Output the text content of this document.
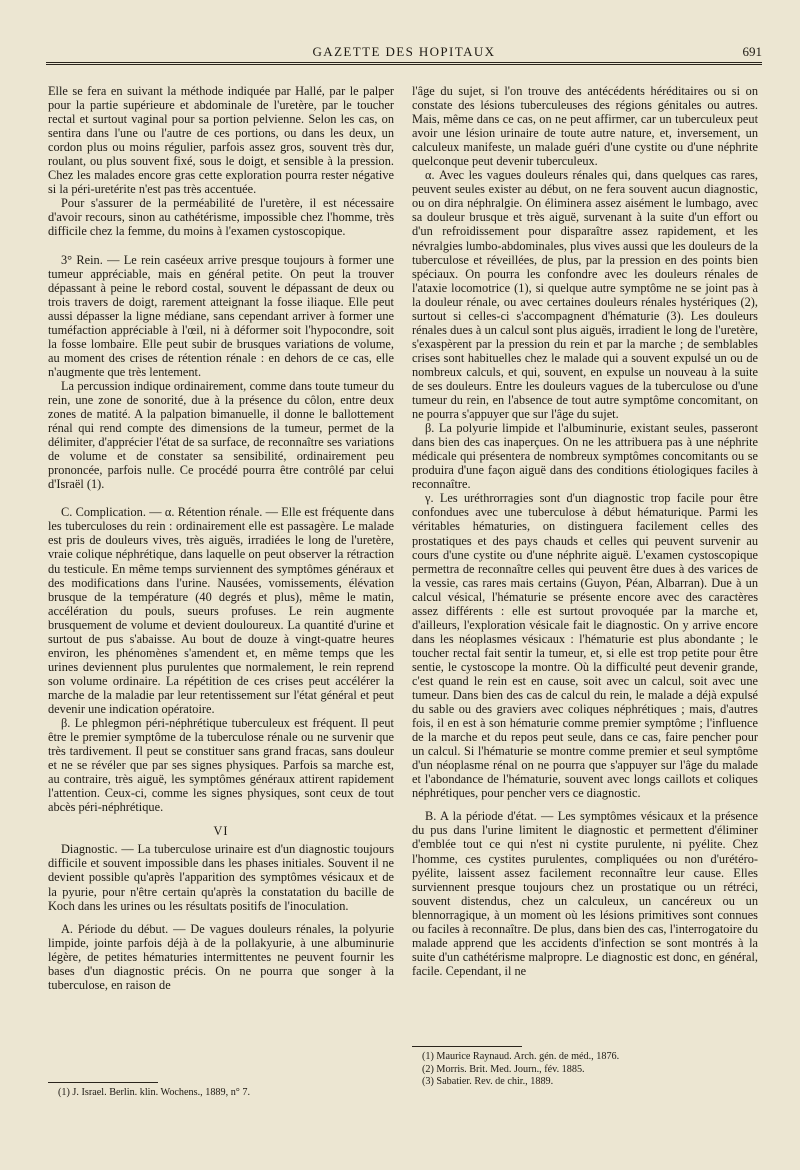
GAZETTE DES HOPITAUX	691

Elle se fera en suivant la méthode indiquée par Hallé, par le palper pour la partie supérieure et abdominale de l'uretère, par le toucher rectal et surtout vaginal pour sa portion pelvienne. Selon les cas, on sentira dans l'une ou l'autre de ces portions, ou dans les deux, un cordon plus ou moins régulier, parfois assez gros, souvent très dur, roulant, ou plus souvent fixé, sous le doigt, et sensible à la pression. Chez les malades encore gras cette exploration pourra rester négative si la péri-uretérite n'est pas très accentuée.

Pour s'assurer de la perméabilité de l'uretère, il est nécessaire d'avoir recours, sinon au cathétérisme, impossible chez l'homme, très difficile chez la femme, du moins à l'examen cystoscopique.

3° Rein. — Le rein caséeux arrive presque toujours à former une tumeur appréciable, mais en général petite. On peut la trouver dépassant à peine le rebord costal, souvent le dépassant de deux ou trois travers de doigt, rarement atteignant la fosse iliaque. Elle peut aussi dépasser la ligne médiane, sans cependant arriver à former une tuméfaction appréciable à l'œil, ni à déformer soit l'hypocondre, soit la fosse lombaire. Elle peut subir de brusques variations de volume, au moment des crises de rétention rénale : en dehors de ce cas, elle n'augmente que très lentement.

La percussion indique ordinairement, comme dans toute tumeur du rein, une zone de sonorité, due à la présence du côlon, entre deux zones de matité. A la palpation bimanuelle, il donne le ballottement rénal qui rend compte des dimensions de la tumeur, permet de la délimiter, d'apprécier l'état de sa surface, de reconnaître ses variations de volume et de constater sa sensibilité, ordinairement peu prononcée, parfois nulle. Ce procédé pourra être contrôlé par celui d'Israël (1).

C. Complication. — α. Rétention rénale. — Elle est fréquente dans les tuberculoses du rein : ordinairement elle est passagère. Le malade est pris de douleurs vives, très aiguës, irradiées le long de l'uretère, vraie colique néphrétique, dans laquelle on peut observer la rétraction du testicule. En même temps surviennent des symptômes généraux et des modifications dans l'urine. Nausées, vomissements, élévation brusque de la température (40 degrés et plus), même le matin, accélération du pouls, sueurs profuses. Le rein augmente brusquement de volume et devient douloureux. La quantité d'urine et surtout de pus s'abaisse. Au bout de douze à vingt-quatre heures environ, les phénomènes s'amendent et, en même temps que les urines deviennent plus purulentes que normalement, le rein reprend son volume ordinaire. La répétition de ces crises peut accélérer la marche de la maladie par leur retentissement sur l'état général et peut devenir une indication opératoire.

β. Le phlegmon péri-néphrétique tuberculeux est fréquent. Il peut être le premier symptôme de la tuberculose rénale ou ne survenir que très tardivement. Il peut se constituer sans grand fracas, sans douleur et ne se révéler que par ses signes physiques. Parfois sa marche est, au contraire, très aiguë, les symptômes généraux attirent rapidement l'attention. Ceux-ci, comme les signes physiques, sont ceux de tout abcès péri-néphrétique.

VI

Diagnostic. — La tuberculose urinaire est d'un diagnostic toujours difficile et souvent impossible dans les phases initiales. Souvent il ne devient possible qu'après l'apparition des symptômes vésicaux et de la pyurie, pour n'être certain qu'après la constatation du bacille de Koch dans les urines ou les résultats positifs de l'inoculation.

A. Période du début. — De vagues douleurs rénales, la polyurie limpide, jointe parfois déjà à de la pollakyurie, à une albuminurie légère, de petites hématuries intermittentes ne peuvent fournir les bases d'un diagnostic précis. On ne pourra que songer à la tuberculose, en raison de

(1) J. Israel. Berlin. klin. Wochens., 1889, n° 7.

l'âge du sujet, si l'on trouve des antécédents héréditaires ou si on constate des lésions tuberculeuses des régions génitales ou autres. Mais, même dans ce cas, on ne peut affirmer, car un tuberculeux peut avoir une lésion urinaire de toute autre nature, et, inversement, un calculeux manifeste, un malade guéri d'une cystite ou d'une néphrite quelconque peut devenir tuberculeux.

α. Avec les vagues douleurs rénales qui, dans quelques cas rares, peuvent seules exister au début, on ne fera souvent aucun diagnostic, ou on dira néphralgie. On éliminera assez aisément le lumbago, avec sa douleur brusque et très aiguë, survenant à la suite d'un effort ou d'un refroidissement pour disparaître assez rapidement, et les névralgies lumbo-abdominales, plus vives aussi que les douleurs de la tuberculose et réveillées, de plus, par la pression en des points bien spéciaux. On pourra les confondre avec les douleurs rénales de l'ataxie locomotrice (1), si quelque autre symptôme ne se joint pas à la douleur rénale, ou avec certaines douleurs rénales hystériques (2), surtout si celles-ci s'accompagnent d'hématurie (3). Les douleurs rénales dues à un calcul sont plus aiguës, irradient le long de l'uretère, s'exaspèrent par la pression du rein et par la marche ; de semblables crises sont habituelles chez le malade qui a souvent expulsé un ou de nombreux calculs, et qui, souvent, en expulse un nouveau à la suite de ses douleurs. Entre les douleurs vagues de la tuberculose ou d'une tumeur du rein, en l'absence de tout autre symptôme concomitant, on ne pourra s'appuyer que sur l'âge du sujet.

β. La polyurie limpide et l'albuminurie, existant seules, passeront dans bien des cas inaperçues. On ne les attribuera pas à une néphrite médicale qui présentera de nombreux symptômes concomitants ou se produira d'une façon aiguë dans des conditions étiologiques faciles à reconnaître.

γ. Les uréthrorragies sont d'un diagnostic trop facile pour être confondues avec une tuberculose à début hématurique. Parmi les véritables hématuries, on distinguera facilement celles des prostatiques et des pays chauds et celles qui peuvent survenir au cours d'une cystite ou d'une néphrite aiguë. L'examen cystoscopique permettra de reconnaître celles qui peuvent être dues à des varices de la vessie, cas rares mais certains (Guyon, Péan, Albarran). Due à un calcul vésical, l'hématurie se présente encore avec des caractères assez différents : elle est surtout provoquée par la marche et, d'ailleurs, l'exploration vésicale fait le diagnostic. On y arrive encore dans les néoplasmes vésicaux : l'hématurie est plus abondante ; le toucher rectal fait sentir la tumeur, et, si elle est trop petite pour être sentie, le cystoscope la montre. Où la difficulté peut devenir grande, c'est quand le rein est en cause, soit avec un calcul, soit avec une tumeur. Dans bien des cas de calcul du rein, le malade a déjà expulsé du sable ou des graviers avec coliques néphrétiques ; mais, d'autres fois, il en est à son hématurie comme premier symptôme ; l'influence de la marche et du repos peut seule, dans ce cas, faire pencher pour un calcul. Si l'hématurie se montre comme premier et seul symptôme d'un néoplasme rénal on ne pourra que s'appuyer sur l'âge du malade et l'abondance de l'hématurie, souvent avec longs caillots et coliques néphrétiques, pour pencher vers ce diagnostic.

B. A la période d'état. — Les symptômes vésicaux et la présence du pus dans l'urine limitent le diagnostic et permettent d'éliminer d'emblée tout ce qui n'est ni cystite purulente, ni pyélite. Chez l'homme, ces cystites purulentes, compliquées ou non d'urétéro-pyélite, laissent assez facilement reconnaître leur cause. Elles surviennent presque toujours chez un prostatique ou un rétréci, souvent distendus, chez un calculeux, un cancéreux ou un blennorragique, à un moment où les lésions primitives sont connues ou faciles à reconnaître. De plus, dans bien des cas, l'interrogatoire du malade apprend que les accidents d'infection se sont montrés à la suite d'un cathétérisme malpropre. Le diagnostic est donc, en général, facile. Cependant, il ne

(1) Maurice Raynaud. Arch. gén. de méd., 1876.

(2) Morris. Brit. Med. Journ., fév. 1885.

(3) Sabatier. Rev. de chir., 1889.
